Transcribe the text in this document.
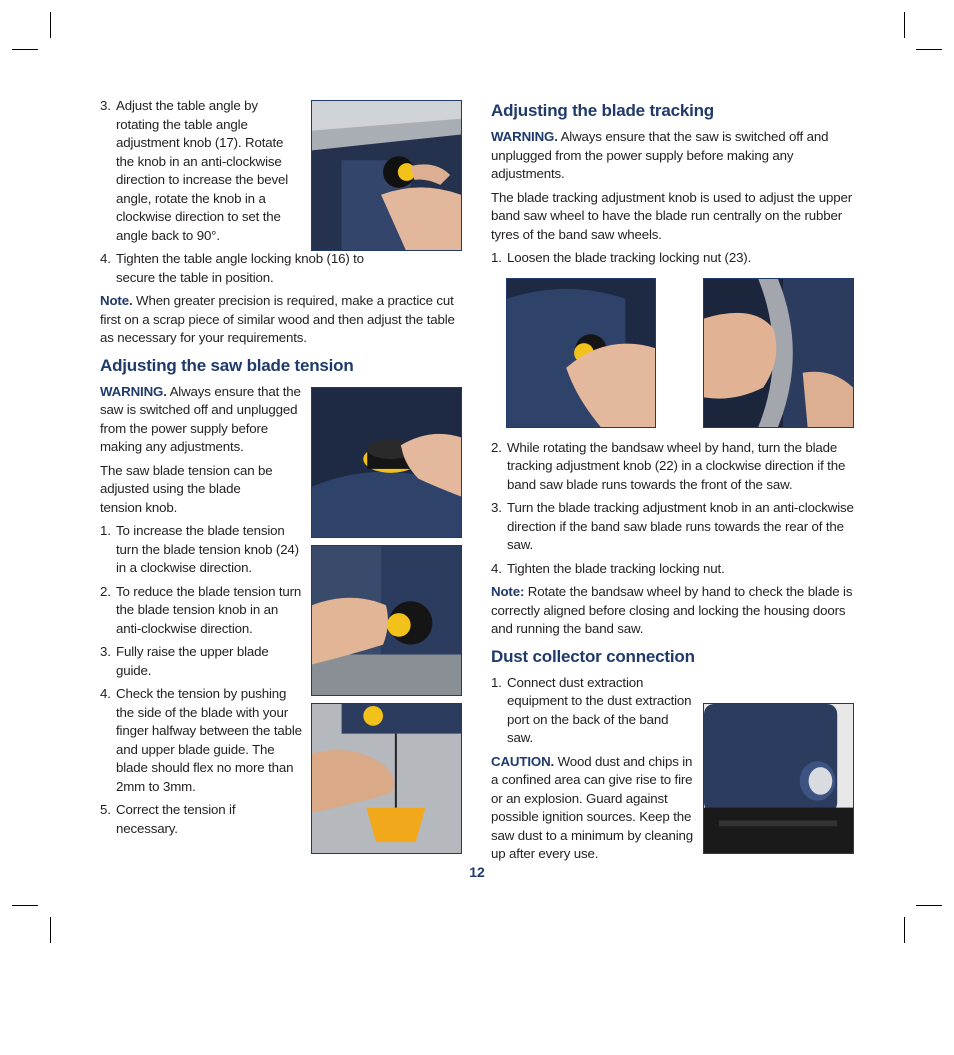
3. Adjust the table angle by rotating the table angle adjustment knob (17). Rotate the knob in an anti-clockwise direction to increase the bevel angle, rotate the knob in a clockwise direction to set the angle back to 90°.
4. Tighten the table angle locking knob (16) to secure the table in position.

Note. When greater precision is required, make a practice cut first on a scrap piece of similar wood and then adjust the table as necessary for your requirements.

Adjusting the saw blade tension

WARNING. Always ensure that the saw is switched off and unplugged from the power supply before making any adjustments.

The saw blade tension can be adjusted using the blade tension knob.

1. To increase the blade tension turn the blade tension knob (24) in a clockwise direction.
2. To reduce the blade tension turn the blade tension knob in an anti-clockwise direction.
3. Fully raise the upper blade guide.
4. Check the tension by pushing the side of the blade with your finger halfway between the table and upper blade guide. The blade should flex no more than 2mm to 3mm.
5. Correct the tension if necessary.
Adjusting the blade tracking

WARNING. Always ensure that the saw is switched off and unplugged from the power supply before making any adjustments.

The blade tracking adjustment knob is used to adjust the upper band saw wheel to have the blade run centrally on the rubber tyres of the band saw wheels.

1. Loosen the blade tracking locking nut (23).
2. While rotating the bandsaw wheel by hand, turn the blade tracking adjustment knob (22) in a clockwise direction if the band saw blade runs towards the front of the saw.
3. Turn the blade tracking adjustment knob in an anti-clockwise direction if the band saw blade runs towards the rear of the saw.
4. Tighten the blade tracking locking nut.

Note: Rotate the bandsaw wheel by hand to check the blade is correctly aligned before closing and locking the housing doors and running the band saw.

Dust collector connection
1. Connect dust extraction equipment to the dust extraction port on the back of the band saw.

CAUTION. Wood dust and chips in a confined area can give rise to fire or an explosion. Guard against possible ignition sources. Keep the saw dust to a minimum by cleaning up after every use.

12
